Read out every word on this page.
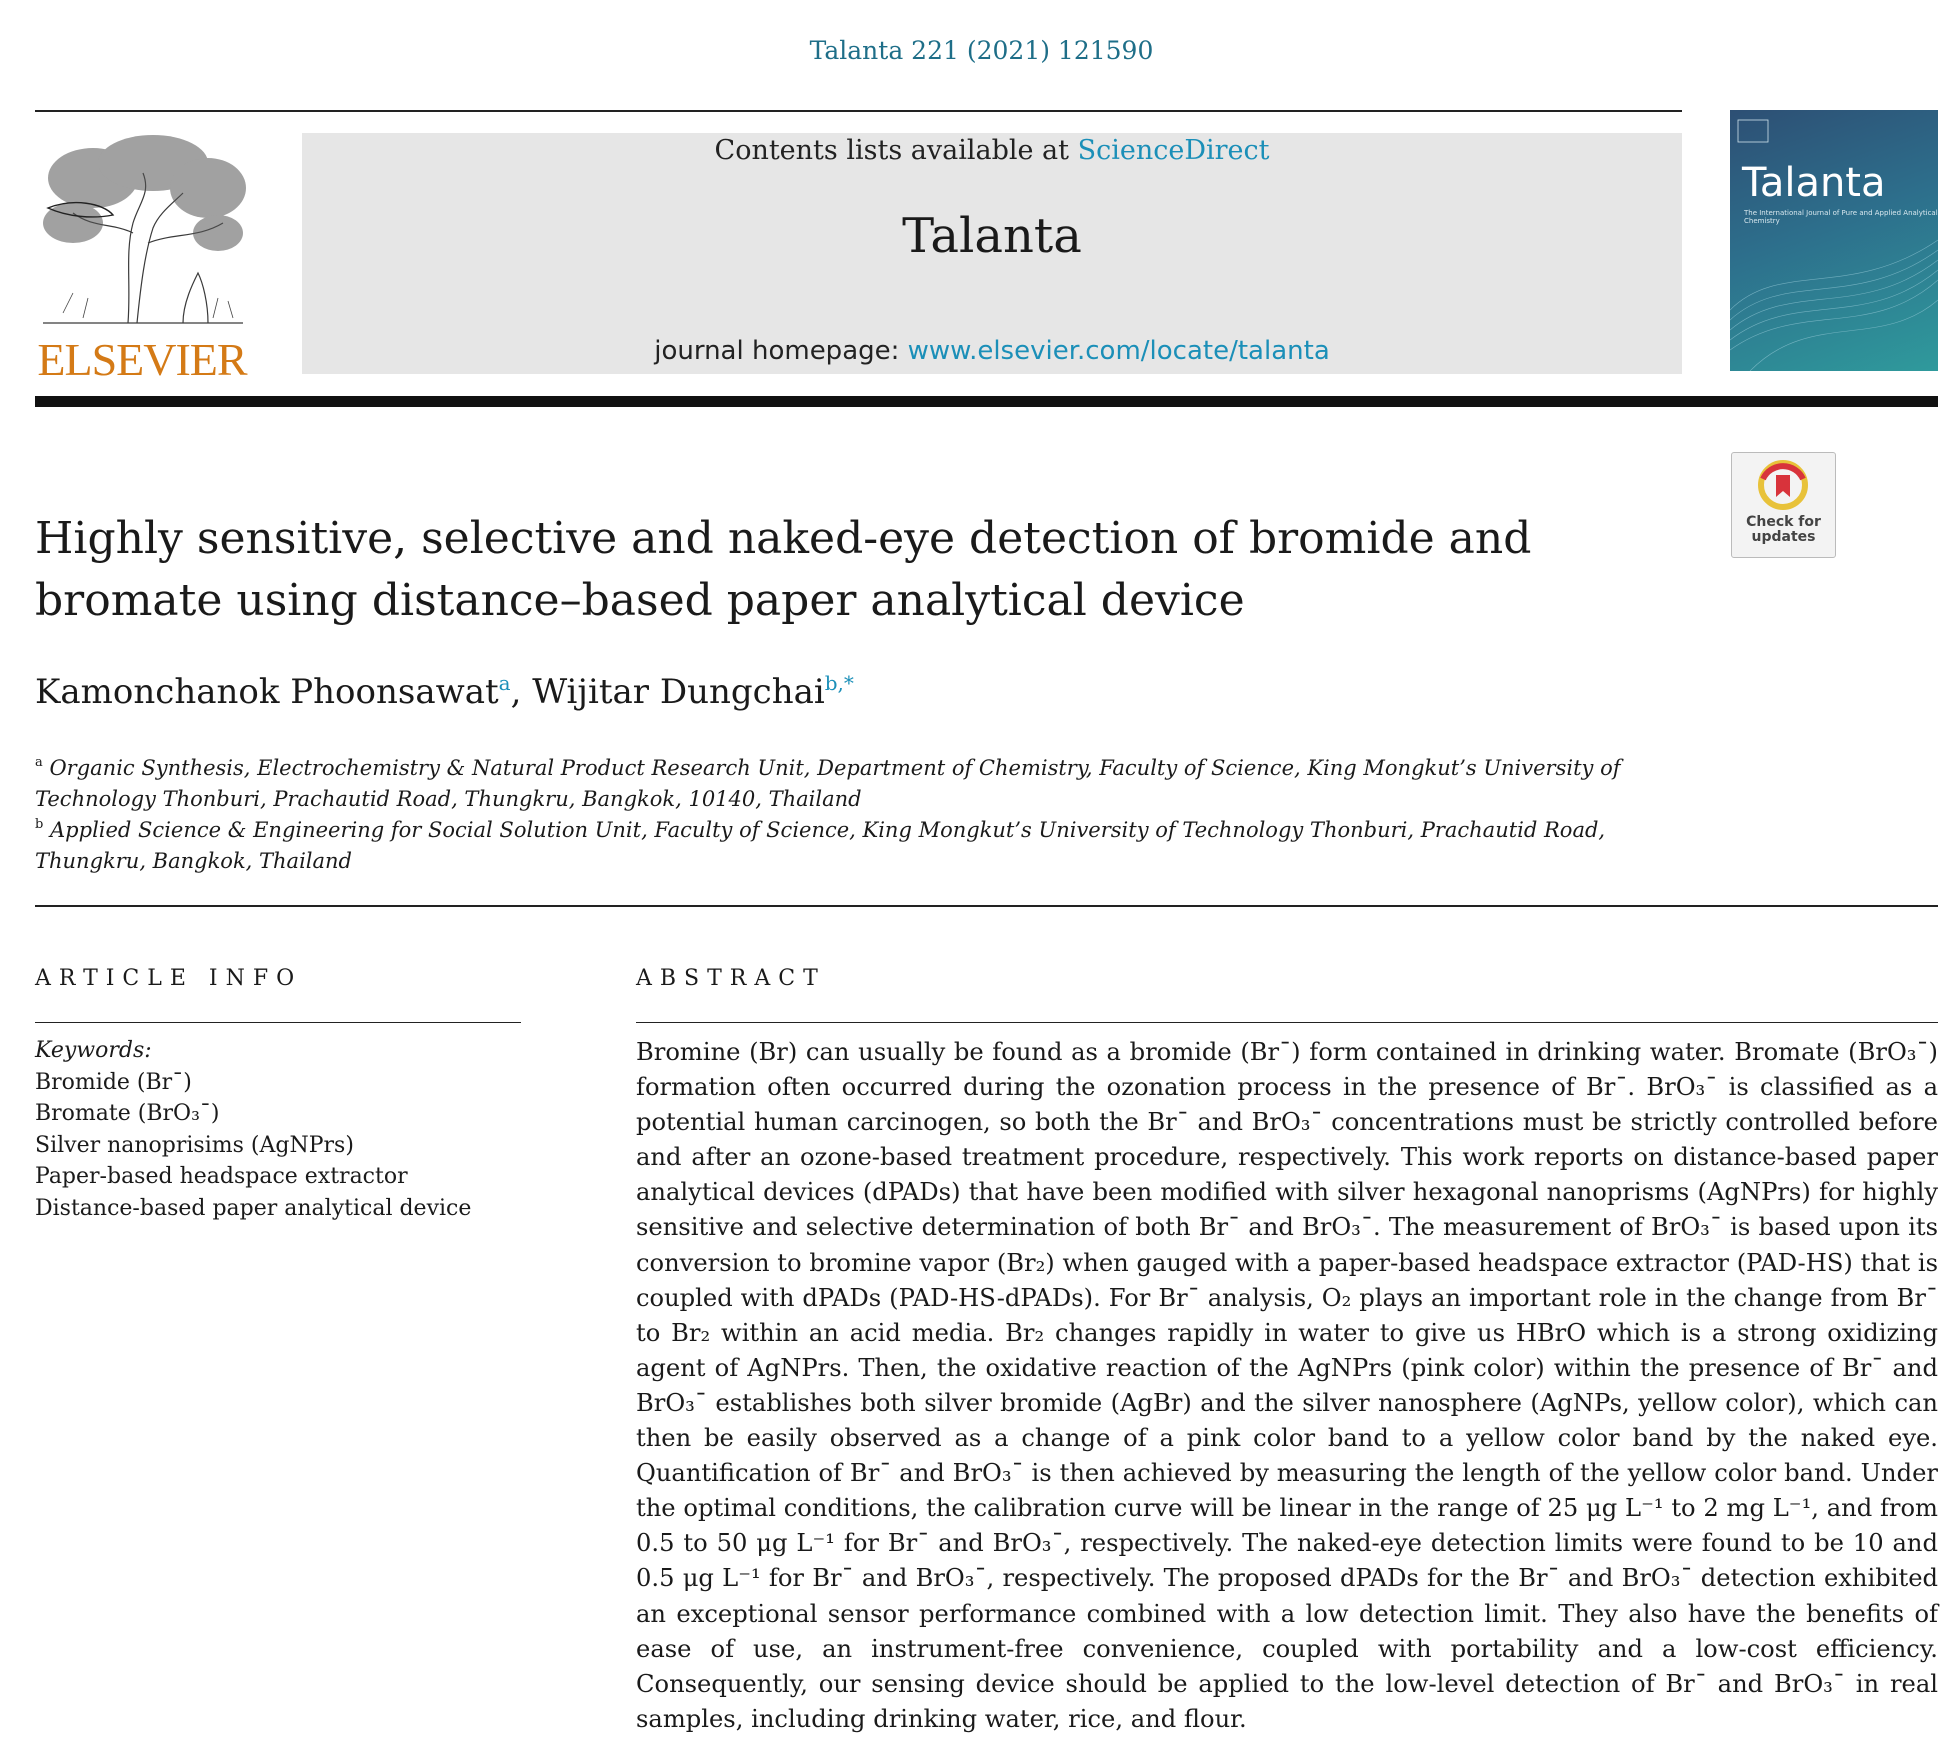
Talanta 221 (2021) 121590
ELSEVIER
Contents lists available at ScienceDirect
Talanta
journal homepage: www.elsevier.com/locate/talanta
Talanta
The International Journal of Pure and Applied Analytical Chemistry
Check for updates
Highly sensitive, selective and naked-eye detection of bromide and bromate using distance–based paper analytical device
Kamonchanok Phoonsawat$^a$, Wijitar Dungchai$^{b,*}$
$^a$ Organic Synthesis, Electrochemistry & Natural Product Research Unit, Department of Chemistry, Faculty of Science, King Mongkut’s University of Technology Thonburi, Prachautid Road, Thungkru, Bangkok, 10140, Thailand
$^b$ Applied Science & Engineering for Social Solution Unit, Faculty of Science, King Mongkut’s University of Technology Thonburi, Prachautid Road, Thungkru, Bangkok, Thailand
ARTICLE INFO
Keywords:
Bromide (Br¯)
Bromate (BrO₃¯)
Silver nanoprisims (AgNPrs)
Paper-based headspace extractor
Distance-based paper analytical device
ABSTRACT
Bromine (Br) can usually be found as a bromide (Br¯) form contained in drinking water. Bromate (BrO₃¯) formation often occurred during the ozonation process in the presence of Br¯. BrO₃¯ is classified as a potential human carcinogen, so both the Br¯ and BrO₃¯ concentrations must be strictly controlled before and after an ozone-based treatment procedure, respectively. This work reports on distance-based paper analytical devices (dPADs) that have been modified with silver hexagonal nanoprisms (AgNPrs) for highly sensitive and selective determination of both Br¯ and BrO₃¯. The measurement of BrO₃¯ is based upon its conversion to bromine vapor (Br₂) when gauged with a paper-based headspace extractor (PAD-HS) that is coupled with dPADs (PAD-HS-dPADs). For Br¯ analysis, O₂ plays an important role in the change from Br¯ to Br₂ within an acid media. Br₂ changes rapidly in water to give us HBrO which is a strong oxidizing agent of AgNPrs. Then, the oxidative reaction of the AgNPrs (pink color) within the presence of Br¯ and BrO₃¯ establishes both silver bromide (AgBr) and the silver nanosphere (AgNPs, yellow color), which can then be easily observed as a change of a pink color band to a yellow color band by the naked eye. Quantification of Br¯ and BrO₃¯ is then achieved by measuring the length of the yellow color band. Under the optimal conditions, the calibration curve will be linear in the range of 25 μg L⁻¹ to 2 mg L⁻¹, and from 0.5 to 50 μg L⁻¹ for Br¯ and BrO₃¯, respectively. The naked-eye detection limits were found to be 10 and 0.5 μg L⁻¹ for Br¯ and BrO₃¯, respectively. The proposed dPADs for the Br¯ and BrO₃¯ detection exhibited an exceptional sensor performance combined with a low detection limit. They also have the benefits of ease of use, an instrument-free convenience, coupled with portability and a low-cost efficiency. Consequently, our sensing device should be applied to the low-level detection of Br¯ and BrO₃¯ in real samples, including drinking water, rice, and flour.
